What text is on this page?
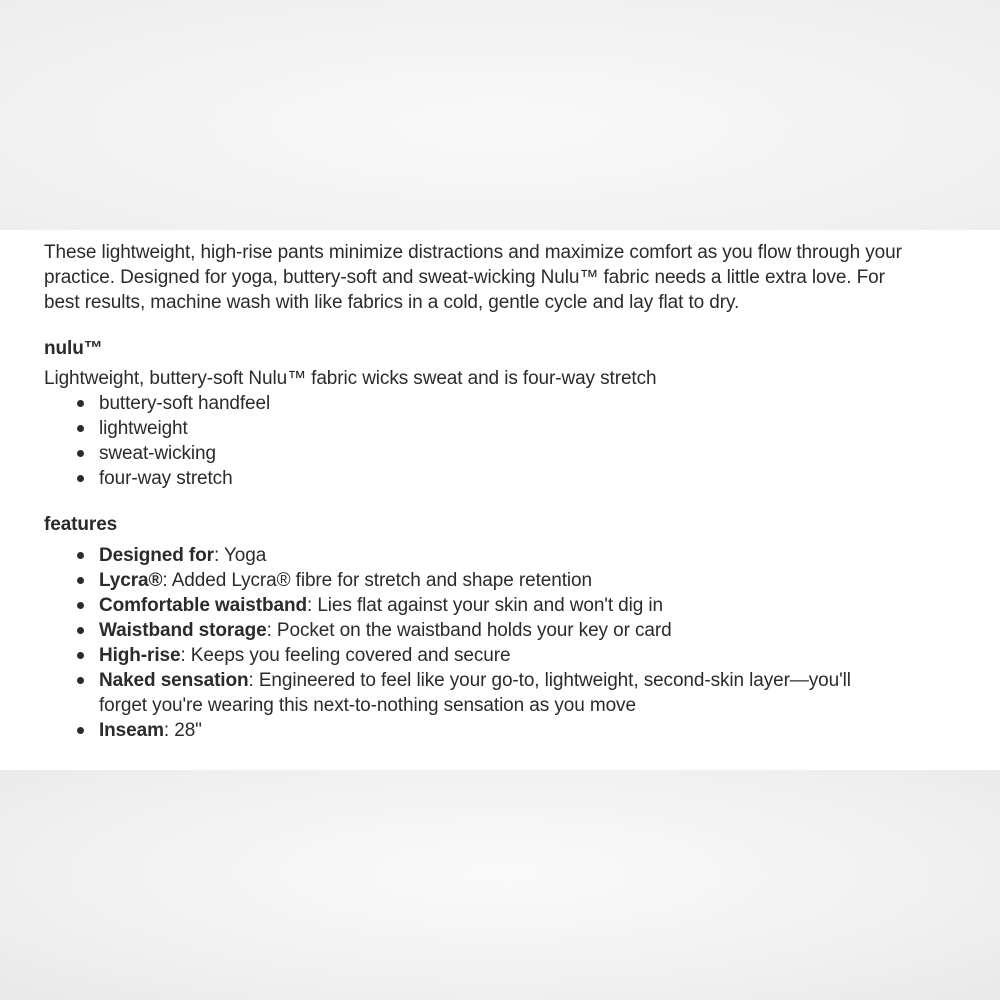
These lightweight, high-rise pants minimize distractions and maximize comfort as you flow through your practice. Designed for yoga, buttery-soft and sweat-wicking Nulu™ fabric needs a little extra love. For best results, machine wash with like fabrics in a cold, gentle cycle and lay flat to dry.

nulu™

Lightweight, buttery-soft Nulu™ fabric wicks sweat and is four-way stretch

buttery-soft handfeel
lightweight
sweat-wicking
four-way stretch
features
Designed for: Yoga
Lycra®: Added Lycra® fibre for stretch and shape retention
Comfortable waistband: Lies flat against your skin and won't dig in
Waistband storage: Pocket on the waistband holds your key or card
High-rise: Keeps you feeling covered and secure
Naked sensation: Engineered to feel like your go-to, lightweight, second-skin layer—you'll forget you're wearing this next-to-nothing sensation as you move
Inseam: 28"
